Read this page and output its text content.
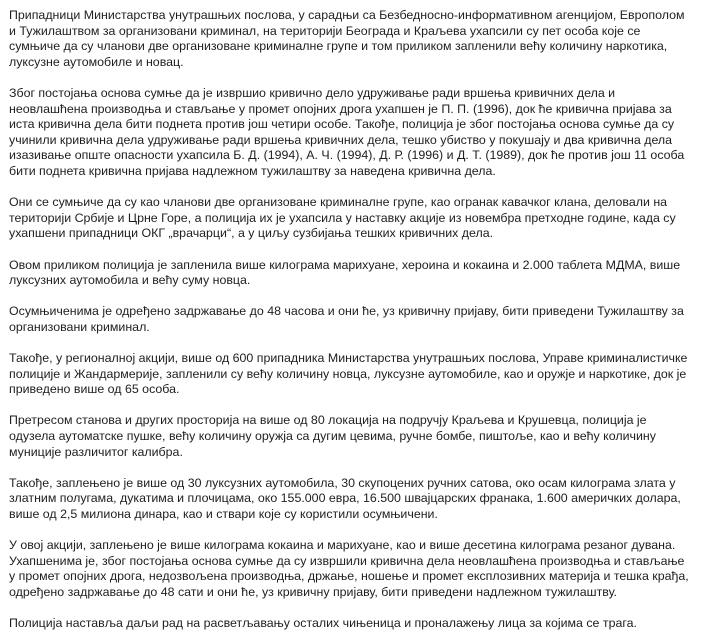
Припадници Министарства унутрашњих послова, у сарадњи са Безбедносно-информативном агенцијом, Европолом и Тужилаштвом за организовани криминал, на територији Београда и Краљева ухапсили су пет особа које се сумњиче да су чланови две организоване криминалне групе и том приликом запленили већу количину наркотика, луксузне аутомобиле и новац.

Због постојања основа сумње да је извршио кривично дело удруживање ради вршења кривичних дела и неовлашћена производња и стављање у промет опојних дрога ухапшен је П. П. (1996), док ће кривична пријава за иста кривична дела бити поднета против још четири особе. Такође, полиција је због постојања основа сумње да су учинили кривична дела удруживање ради вршења кривичних дела, тешко убиство у покушају и два кривична дела изазивање опште опасности ухапсила Б. Д. (1994), А. Ч. (1994), Д. Р. (1996) и Д. Т. (1989), док ће против још 11 особа бити поднета кривична пријава надлежном тужилаштву за наведена кривична дела.

Они се сумњиче да су као чланови две организоване криминалне групе, као огранак кавачког клана, деловали на територији Србије и Црне Горе, а полиција их је ухапсила у наставку акције из новембра претходне године, када су ухапшени припадници ОКГ „врачарци“, а у циљу сузбијања тешких кривичних дела.

Овом приликом полиција је запленила више килограма марихуане, хероина и кокаина и 2.000 таблета МДМА, више луксузних аутомобила и већу суму новца.

Осумњиченима је одређено задржавање до 48 часова и они ће, уз кривичну пријаву, бити приведени Тужилаштву за организовани криминал.

Такође, у регионалној акцији, више од 600 припадника Министарства унутрашњих послова, Управе криминалистичке полиције и Жандармерије, запленили су већу количину новца, луксузне аутомобиле, као и оружје и наркотике, док је приведено више од 65 особа.

Претресом станова и других просторија на више од 80 локација на подручју Краљева и Крушевца, полиција је одузела аутоматске пушке, већу количину оружја са дугим цевима, ручне бомбе, пиштоље, као и већу количину муниције различитог калибра.

Такође, заплењено је више од 30 луксузних аутомобила, 30 скупоцених ручних сатова, око осам килограма злата у златним полугама, дукатима и плочицама, око 155.000 евра, 16.500 швајцарских франака, 1.600 америчких долара, више од 2,5 милиона динара, као и ствари које су користили осумњичени.

У овој акцији, заплењено је више килограма кокаина и марихуане, као и више десетина килограма резаног дувана. Ухапшенима је, због постојања основа сумње да су извршили кривична дела неовлашћена производња и стављање у промет опојних дрога, недозвољена производња, држање, ношење и промет експлозивних материја и тешка крађа, одређено задржавање до 48 сати и они ће, уз кривичну пријаву, бити приведени надлежном тужилаштву.

Полиција наставља даљи рад на расветљавању осталих чињеница и проналажењу лица за којима се трага.
